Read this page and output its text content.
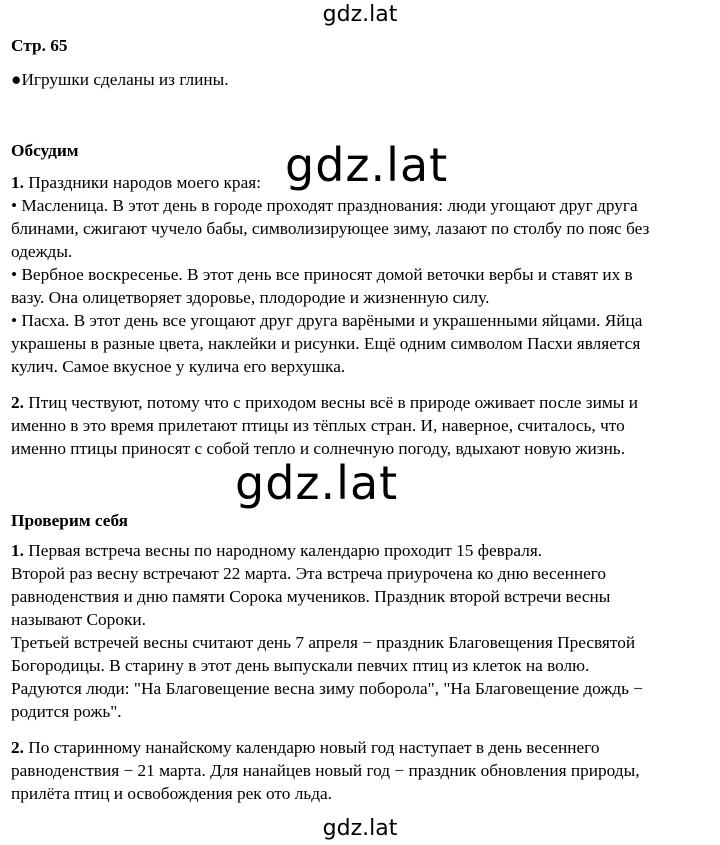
gdz.lat

Стр. 65

●Игрушки сделаны из глины.

Обсудим

1. Праздники народов моего края:

• Масленица. В этот день в городе проходят празднования: люди угощают друг друга

блинами, сжигают чучело бабы, символизирующее зиму, лазают по столбу по пояс без

одежды.

• Вербное воскресенье. В этот день все приносят домой веточки вербы и ставят их в

вазу. Она олицетворяет здоровье, плодородие и жизненную силу.

• Пасха. В этот день все угощают друг друга варёными и украшенными яйцами. Яйца

украшены в разные цвета, наклейки и рисунки. Ещё одним символом Пасхи является

кулич. Самое вкусное у кулича его верхушка.

2. Птиц чествуют, потому что с приходом весны всё в природе оживает после зимы и

именно в это время прилетают птицы из тёплых стран. И, наверное, считалось, что

именно птицы приносят с собой тепло и солнечную погоду, вдыхают новую жизнь.

Проверим себя

1. Первая встреча весны по народному календарю проходит 15 февраля.

Второй раз весну встречают 22 марта. Эта встреча приурочена ко дню весеннего

равноденствия и дню памяти Сорока мучеников. Праздник второй встречи весны

называют Сороки.

Третьей встречей весны считают день 7 апреля − праздник Благовещения Пресвятой

Богородицы. В старину в этот день выпускали певчих птиц из клеток на волю.

Радуются люди: "На Благовещение весна зиму поборола", "На Благовещение дождь −

родится рожь".

2. По старинному нанайскому календарю новый год наступает в день весеннего

равноденствия − 21 марта. Для нанайцев новый год − праздник обновления природы,

прилёта птиц и освобождения рек ото льда.

gdz.lat
gdz.lat
gdz.lat
